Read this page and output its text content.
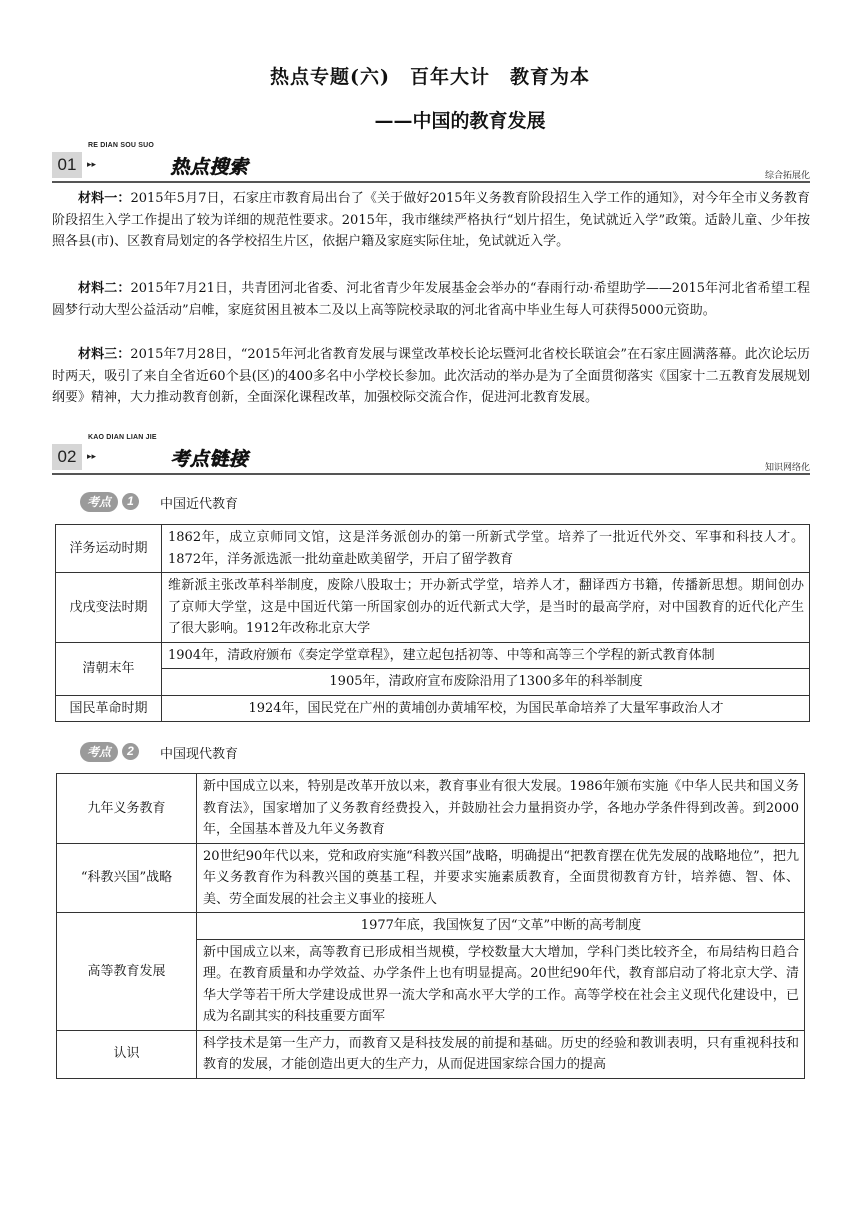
热点专题(六)　百年大计　教育为本
——中国的教育发展
RE DIAN SOU SUO
01	▸▸	热点搜索	综合拓展化
材料一：2015年5月7日，石家庄市教育局出台了《关于做好2015年义务教育阶段招生入学工作的通知》，对今年全市义务教育阶段招生入学工作提出了较为详细的规范性要求。2015年，我市继续严格执行“划片招生，免试就近入学”政策。适龄儿童、少年按照各县(市)、区教育局划定的各学校招生片区，依据户籍及家庭实际住址，免试就近入学。
材料二：2015年7月21日，共青团河北省委、河北省青少年发展基金会举办的“春雨行动·希望助学——2015年河北省希望工程圆梦行动大型公益活动”启帷，家庭贫困且被本二及以上高等院校录取的河北省高中毕业生每人可获得5000元资助。
材料三：2015年7月28日，“2015年河北省教育发展与课堂改革校长论坛暨河北省校长联谊会”在石家庄圆满落幕。此次论坛历时两天，吸引了来自全省近60个县(区)的400多名中小学校长参加。此次活动的举办是为了全面贯彻落实《国家十二五教育发展规划纲要》精神，大力推动教育创新，全面深化课程改革，加强校际交流合作，促进河北教育发展。
KAO DIAN LIAN JIE
02	▸▸	考点链接	知识网络化
考点	1	中国近代教育
洋务运动时期	1862年，成立京师同文馆，这是洋务派创办的第一所新式学堂。培养了一批近代外交、军事和科技人才。1872年，洋务派选派一批幼童赴欧美留学，开启了留学教育
戊戌变法时期	维新派主张改革科举制度，废除八股取士；开办新式学堂，培养人才，翻译西方书籍，传播新思想。期间创办了京师大学堂，这是中国近代第一所国家创办的近代新式大学，是当时的最高学府，对中国教育的近代化产生了很大影响。1912年改称北京大学
清朝末年	1904年，清政府颁布《奏定学堂章程》，建立起包括初等、中等和高等三个学程的新式教育体制
	1905年，清政府宣布废除沿用了1300多年的科举制度
国民革命时期	1924年，国民党在广州的黄埔创办黄埔军校，为国民革命培养了大量军事政治人才
考点	2	中国现代教育
九年义务教育	新中国成立以来，特别是改革开放以来，教育事业有很大发展。1986年颁布实施《中华人民共和国义务教育法》，国家增加了义务教育经费投入，并鼓励社会力量捐资办学，各地办学条件得到改善。到2000年，全国基本普及九年义务教育
“科教兴国”战略	20世纪90年代以来，党和政府实施“科教兴国”战略，明确提出“把教育摆在优先发展的战略地位”，把九年义务教育作为科教兴国的奠基工程，并要求实施素质教育，全面贯彻教育方针，培养德、智、体、美、劳全面发展的社会主义事业的接班人
高等教育发展	1977年底，我国恢复了因“文革”中断的高考制度
	新中国成立以来，高等教育已形成相当规模，学校数量大大增加，学科门类比较齐全，布局结构日趋合理。在教育质量和办学效益、办学条件上也有明显提高。20世纪90年代，教育部启动了将北京大学、清华大学等若干所大学建设成世界一流大学和高水平大学的工作。高等学校在社会主义现代化建设中，已成为名副其实的科技重要方面军
认识	科学技术是第一生产力，而教育又是科技发展的前提和基础。历史的经验和教训表明，只有重视科技和教育的发展，才能创造出更大的生产力，从而促进国家综合国力的提高
